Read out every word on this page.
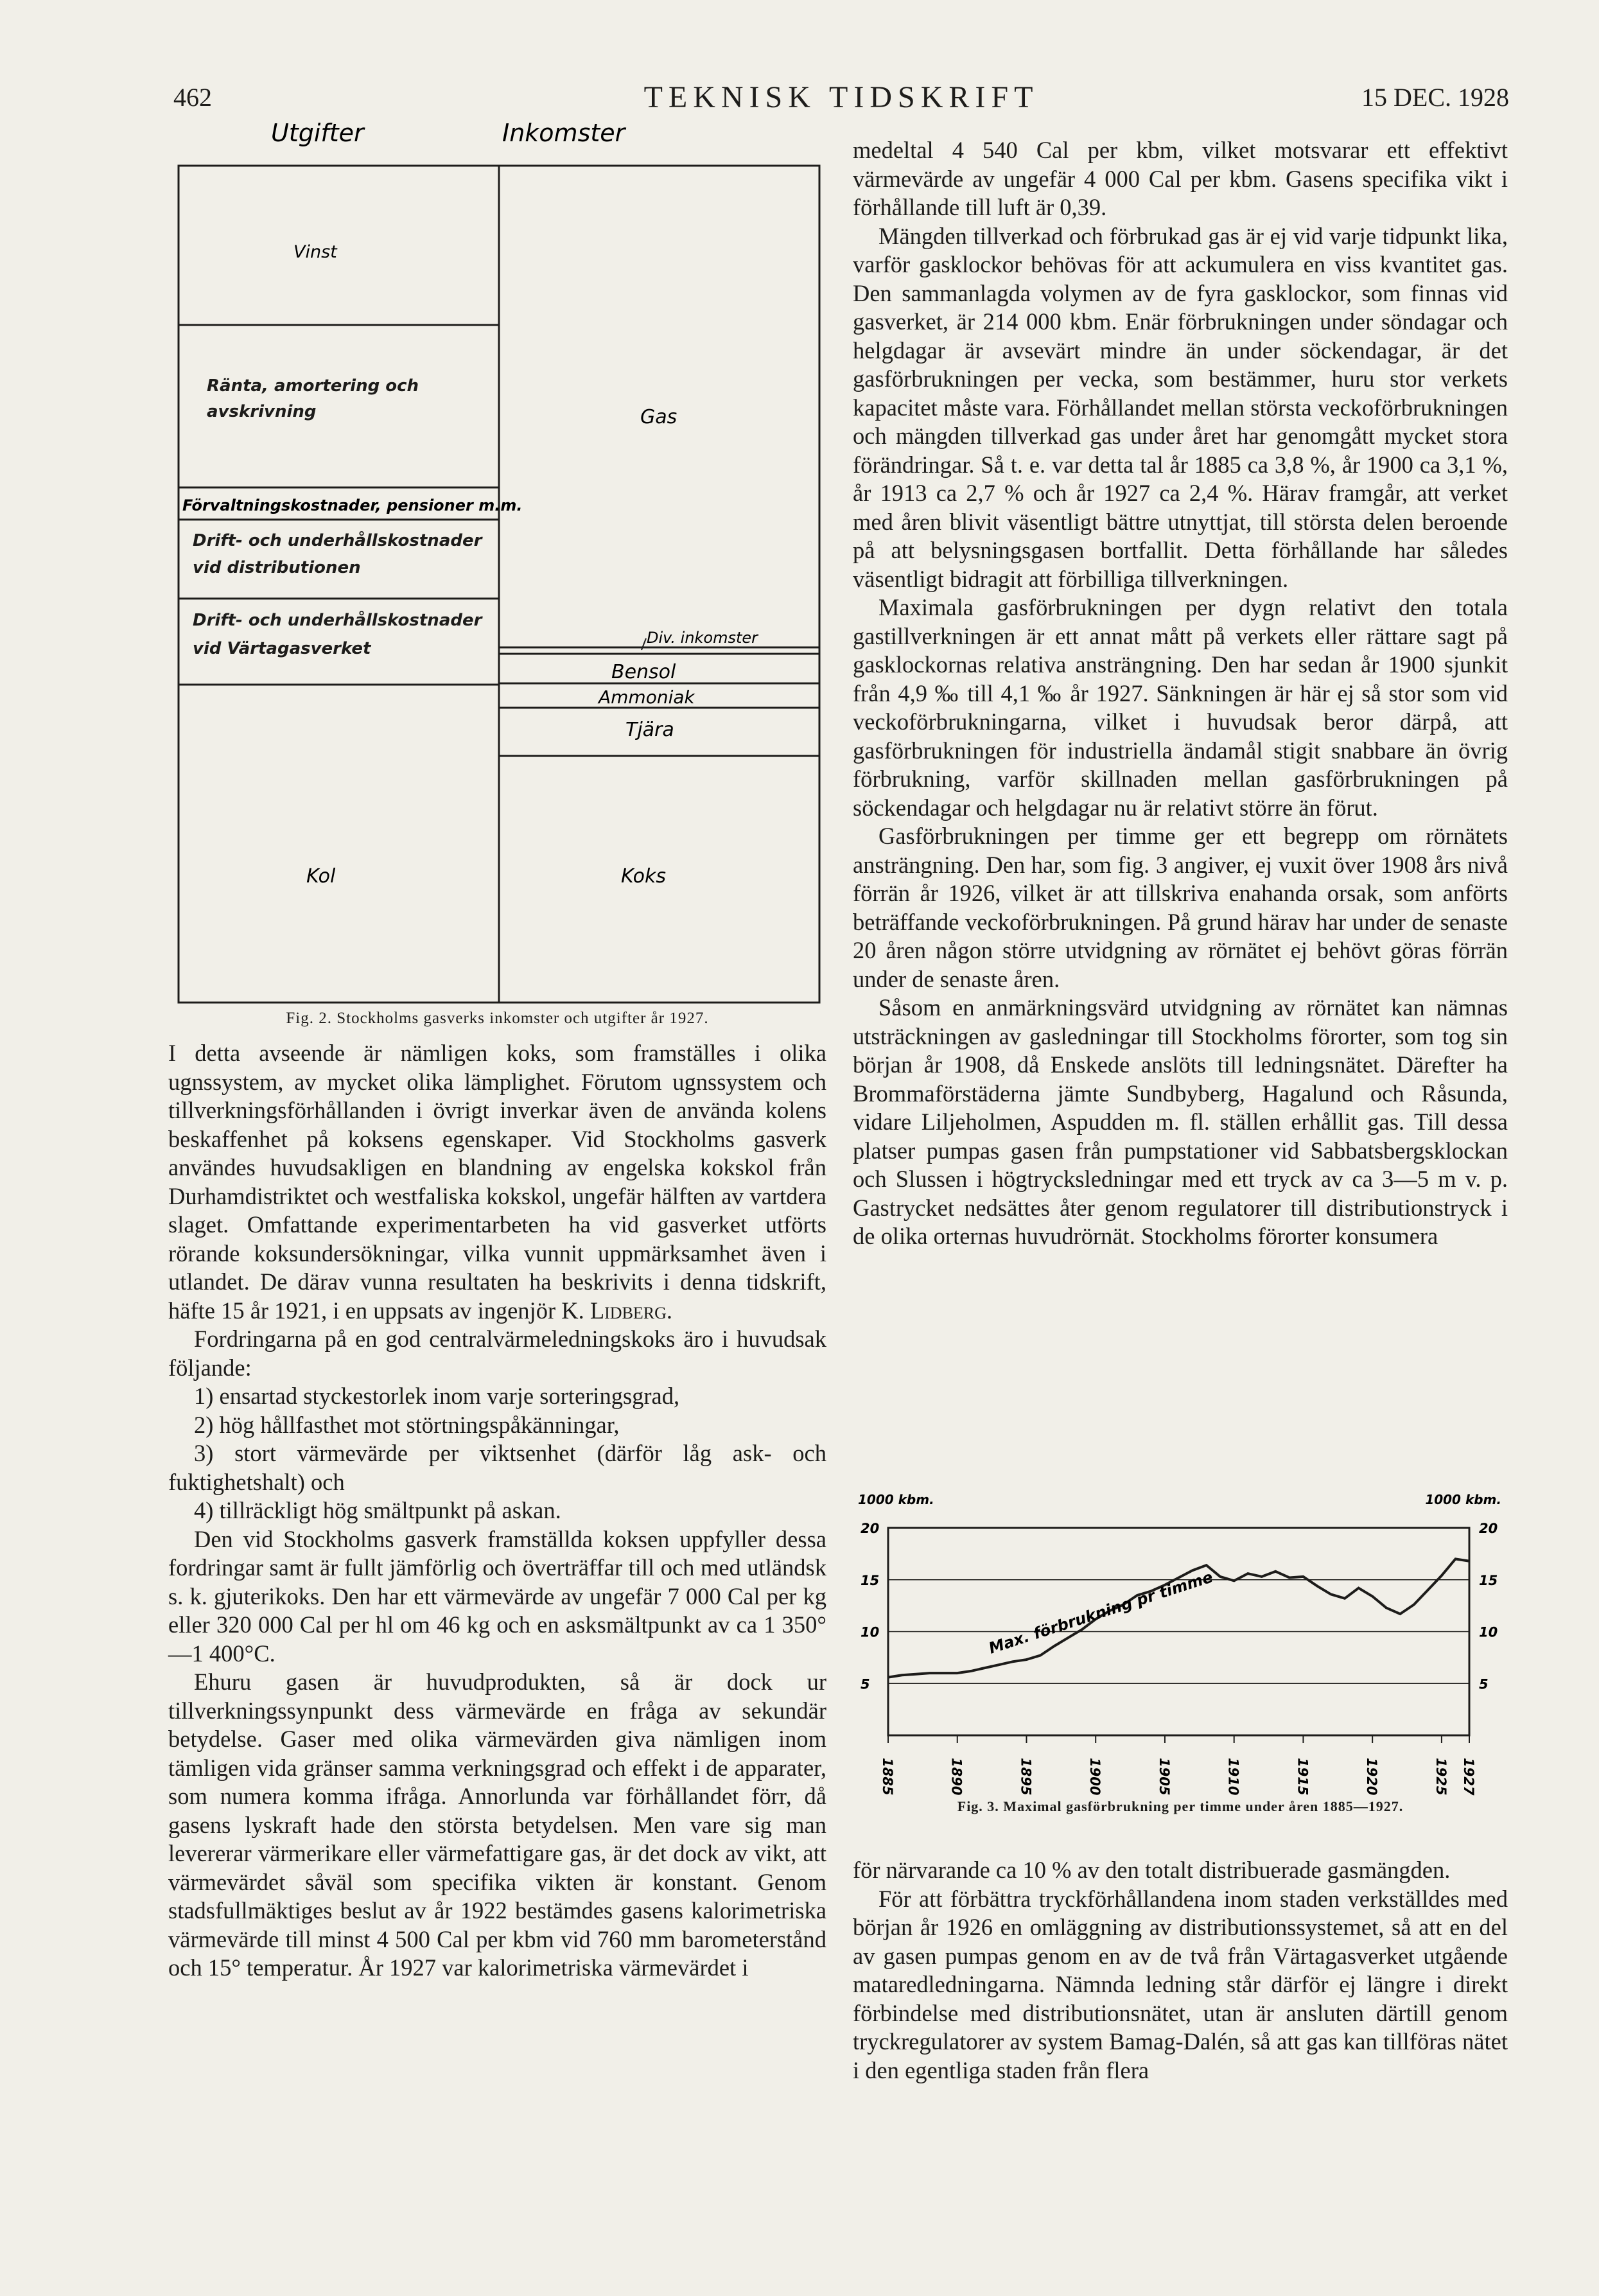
462	TEKNISK TIDSKRIFT	15 DEC. 1928
Utgifter	Inkomster
Vinst
Ränta, amortering och avskrivning
Förvaltningskostnader, pensioner m.m.
Drift- och underhållskostnader vid distributionen
Drift- och underhållskostnader vid Värtagasverket
Kol
Gas
Div. inkomster
Bensol
Ammoniak
Tjära
Koks
Fig. 2. Stockholms gasverks inkomster och utgifter år 1927.

I detta avseende är nämligen koks, som framställes i olika ugnssystem, av mycket olika lämplighet. Förutom ugnssystem och tillverkningsförhållanden i övrigt inverkar även de använda kolens beskaffenhet på koksens egenskaper. Vid Stockholms gasverk användes huvudsakligen en blandning av engelska kokskol från Durhamdistriktet och westfaliska kokskol, ungefär hälften av vartdera slaget. Omfattande experimentarbeten ha vid gasverket utförts rörande koksundersökningar, vilka vunnit uppmärksamhet även i utlandet. De därav vunna resultaten ha beskrivits i denna tidskrift, häfte 15 år 1921, i en uppsats av ingenjör K. Lidberg.

Fordringarna på en god centralvärmeledningskoks äro i huvudsak följande:

1) ensartad styckestorlek inom varje sorteringsgrad,

2) hög hållfasthet mot störtningspåkänningar,

3) stort värmevärde per viktsenhet (därför låg ask- och fuktighetshalt) och

4) tillräckligt hög smältpunkt på askan.

Den vid Stockholms gasverk framställda koksen uppfyller dessa fordringar samt är fullt jämförlig och överträffar till och med utländsk s. k. gjuterikoks. Den har ett värmevärde av ungefär 7 000 Cal per kg eller 320 000 Cal per hl om 46 kg och en asksmältpunkt av ca 1 350°—1 400°C.

Ehuru gasen är huvudprodukten, så är dock ur tillverkningssynpunkt dess värmevärde en fråga av sekundär betydelse. Gaser med olika värmevärden giva nämligen inom tämligen vida gränser samma verkningsgrad och effekt i de apparater, som numera komma ifråga. Annorlunda var förhållandet förr, då gasens lyskraft hade den största betydelsen. Men vare sig man levererar värmerikare eller värmefattigare gas, är det dock av vikt, att värmevärdet såväl som specifika vikten är konstant. Genom stadsfullmäktiges beslut av år 1922 bestämdes gasens kalorimetriska värmevärde till minst 4 500 Cal per kbm vid 760 mm barometerstånd och 15° temperatur. År 1927 var kalorimetriska värmevärdet i

medeltal 4 540 Cal per kbm, vilket motsvarar ett effektivt värmevärde av ungefär 4 000 Cal per kbm. Gasens specifika vikt i förhållande till luft är 0,39.

Mängden tillverkad och förbrukad gas är ej vid varje tidpunkt lika, varför gasklockor behövas för att ackumulera en viss kvantitet gas. Den sammanlagda volymen av de fyra gasklockor, som finnas vid gasverket, är 214 000 kbm. Enär förbrukningen under söndagar och helgdagar är avsevärt mindre än under söckendagar, är det gasförbrukningen per vecka, som bestämmer, huru stor verkets kapacitet måste vara. Förhållandet mellan största veckoförbrukningen och mängden tillverkad gas under året har genomgått mycket stora förändringar. Så t. e. var detta tal år 1885 ca 3,8 %, år 1900 ca 3,1 %, år 1913 ca 2,7 % och år 1927 ca 2,4 %. Härav framgår, att verket med åren blivit väsentligt bättre utnyttjat, till största delen beroende på att belysningsgasen bortfallit. Detta förhållande har således väsentligt bidragit att förbilliga tillverkningen.

Maximala gasförbrukningen per dygn relativt den totala gastillverkningen är ett annat mått på verkets eller rättare sagt på gasklockornas relativa ansträngning. Den har sedan år 1900 sjunkit från 4,9 ‰ till 4,1 ‰ år 1927. Sänkningen är här ej så stor som vid veckoförbrukningarna, vilket i huvudsak beror därpå, att gasförbrukningen för industriella ändamål stigit snabbare än övrig förbrukning, varför skillnaden mellan gasförbrukningen på söckendagar och helgdagar nu är relativt större än förut.

Gasförbrukningen per timme ger ett begrepp om rörnätets ansträngning. Den har, som fig. 3 angiver, ej vuxit över 1908 års nivå förrän år 1926, vilket är att tillskriva enahanda orsak, som anförts beträffande veckoförbrukningen. På grund härav har under de senaste 20 åren någon större utvidgning av rörnätet ej behövt göras förrän under de senaste åren.

Såsom en anmärkningsvärd utvidgning av rörnätet kan nämnas utsträckningen av gasledningar till Stockholms förorter, som tog sin början år 1908, då Enskede anslöts till ledningsnätet. Därefter ha Brommaförstäderna jämte Sundbyberg, Hagalund och Råsunda, vidare Liljeholmen, Aspudden m. fl. ställen erhållit gas. Till dessa platser pumpas gasen från pumpstationer vid Sabbatsbergsklockan och Slussen i högtrycksledningar med ett tryck av ca 3—5 m v. p. Gastrycket nedsättes åter genom regulatorer till distributionstryck i de olika orternas huvudrörnät. Stockholms förorter konsumera

1000 kbm.	1000 kbm.
5	5
10	10
15	15
20	20
1885	1890	1895	1900	1905	1910	1915	1920	1925 1927
Max. förbrukning pr timme
Fig. 3. Maximal gasförbrukning per timme under åren 1885—1927.

för närvarande ca 10 % av den totalt distribuerade gasmängden.

För att förbättra tryckförhållandena inom staden verkställdes med början år 1926 en omläggning av distributionssystemet, så att en del av gasen pumpas genom en av de två från Värtagasverket utgående mataredledningarna. Nämnda ledning står därför ej längre i direkt förbindelse med distributionsnätet, utan är ansluten därtill genom tryckregulatorer av system Bamag-Dalén, så att gas kan tillföras nätet i den egentliga staden från flera
